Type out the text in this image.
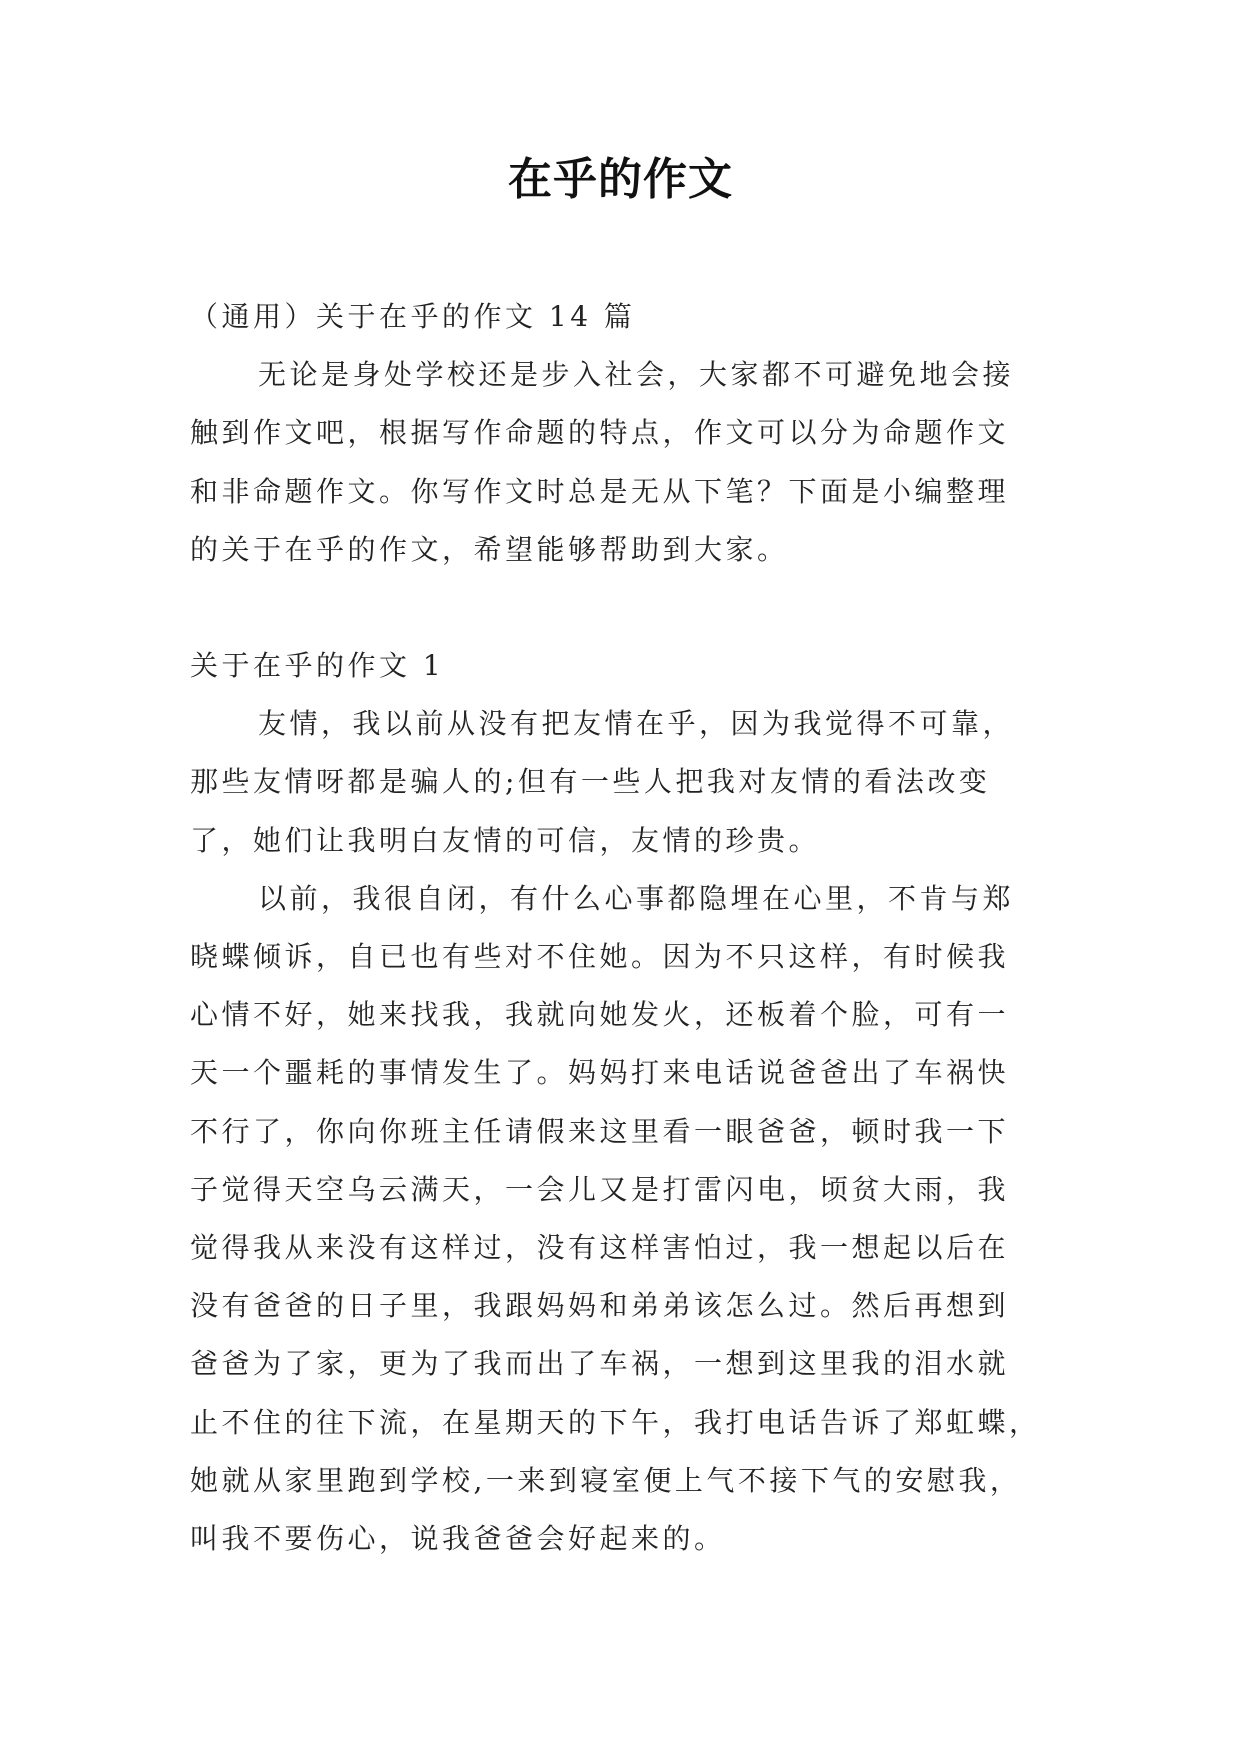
在乎的作文

（通用）关于在乎的作文 14 篇

无论是身处学校还是步入社会，大家都不可避免地会接

触到作文吧，根据写作命题的特点，作文可以分为命题作文

和非命题作文。你写作文时总是无从下笔？下面是小编整理

的关于在乎的作文，希望能够帮助到大家。

关于在乎的作文 1

友情，我以前从没有把友情在乎，因为我觉得不可靠，

那些友情呀都是骗人的;但有一些人把我对友情的看法改变

了，她们让我明白友情的可信，友情的珍贵。

以前，我很自闭，有什么心事都隐埋在心里，不肯与郑

晓蝶倾诉，自已也有些对不住她。因为不只这样，有时候我

心情不好，她来找我，我就向她发火，还板着个脸，可有一

天一个噩耗的事情发生了。妈妈打来电话说爸爸出了车祸快

不行了，你向你班主任请假来这里看一眼爸爸，顿时我一下

子觉得天空乌云满天，一会儿又是打雷闪电，顷贫大雨，我

觉得我从来没有这样过，没有这样害怕过，我一想起以后在

没有爸爸的日子里，我跟妈妈和弟弟该怎么过。然后再想到

爸爸为了家，更为了我而出了车祸，一想到这里我的泪水就

止不住的往下流，在星期天的下午，我打电话告诉了郑虹蝶，

她就从家里跑到学校,一来到寝室便上气不接下气的安慰我，

叫我不要伤心，说我爸爸会好起来的。
